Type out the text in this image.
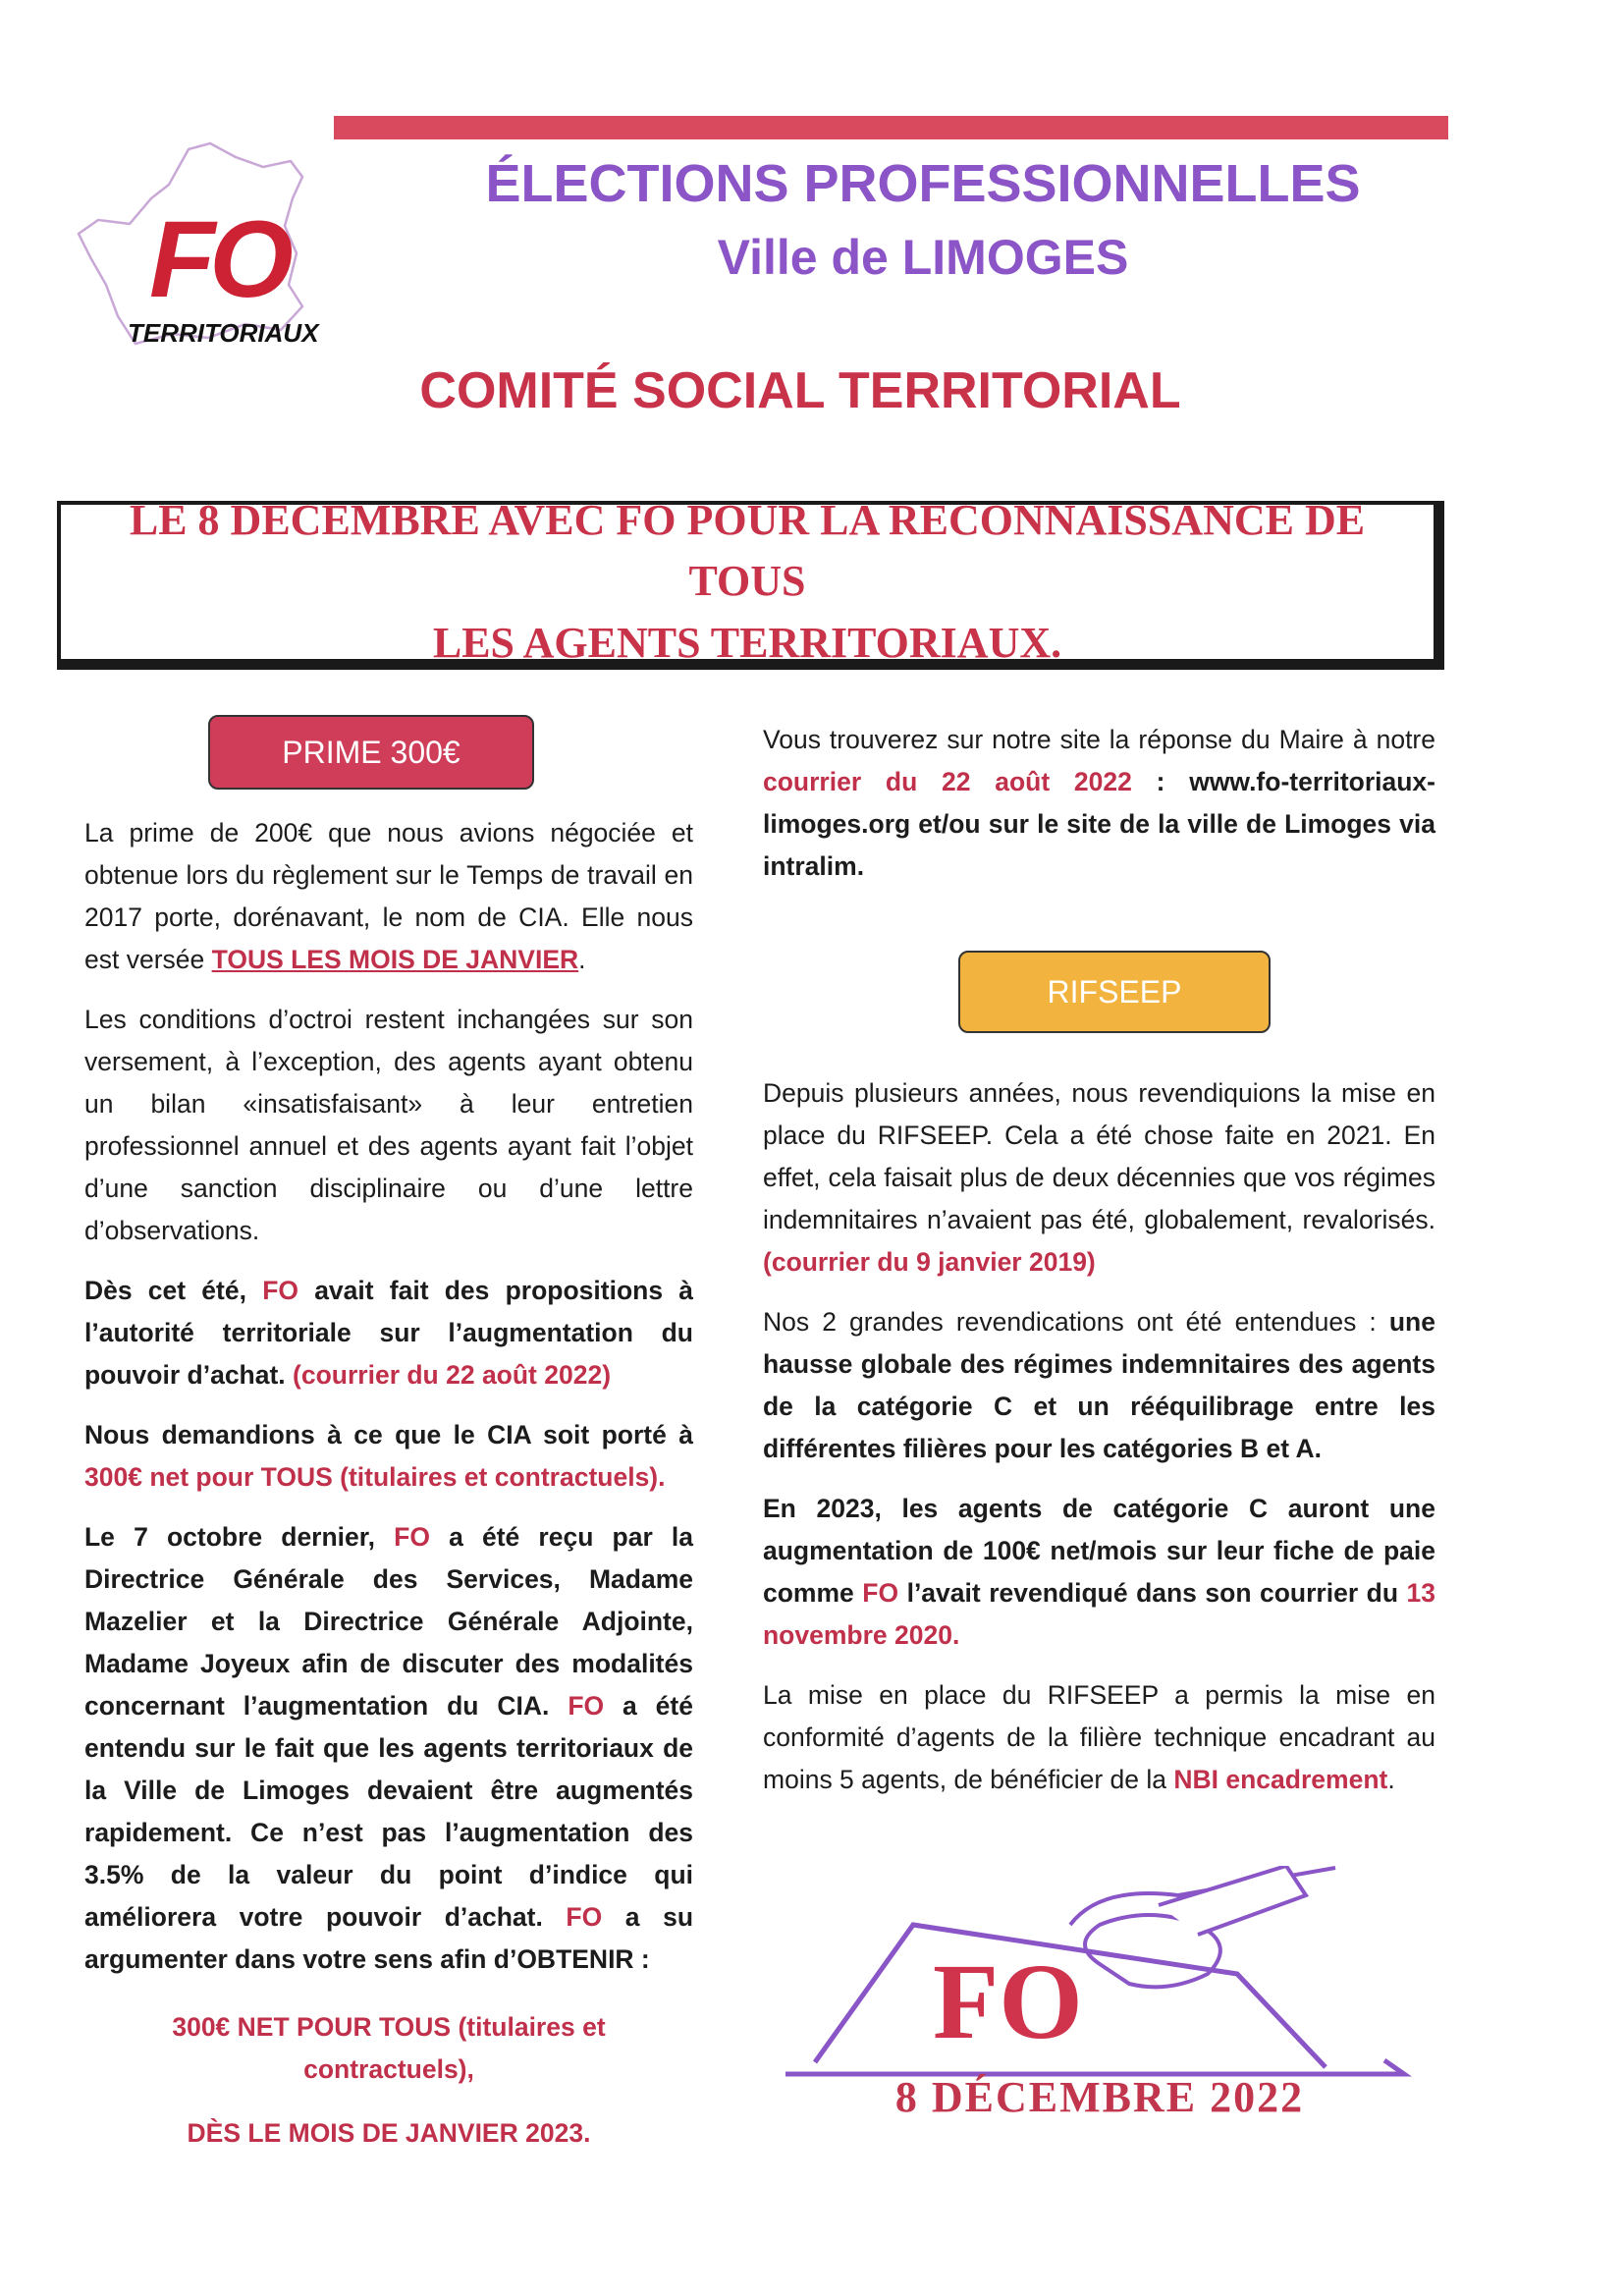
FO
TERRITORIAUX
ÉLECTIONS PROFESSIONNELLES
Ville de LIMOGES
COMITÉ SOCIAL TERRITORIAL
LE 8 DECEMBRE AVEC FO POUR LA RECONNAISSANCE DE TOUS
LES AGENTS TERRITORIAUX.
PRIME 300€

La prime de 200€ que nous avions négociée et obtenue lors du règlement sur le Temps de travail en 2017 porte, dorénavant, le nom de CIA. Elle nous est versée TOUS LES MOIS DE JANVIER.

Les conditions d’octroi restent inchangées sur son versement, à l’exception, des agents ayant obtenu un bilan «insatisfaisant» à leur entretien professionnel annuel et des agents ayant fait l’objet d’une sanction disciplinaire ou d’une lettre d’observations.

Dès cet été, FO avait fait des propositions à l’autorité territoriale sur l’augmentation du pouvoir d’achat. (courrier du 22 août 2022)

Nous demandions à ce que le CIA soit porté à 300€ net pour TOUS (titulaires et contractuels).

Le 7 octobre dernier, FO a été reçu par la Directrice Générale des Services, Madame Mazelier et la Directrice Générale Adjointe, Madame Joyeux afin de discuter des modalités concernant l’augmentation du CIA. FO a été entendu sur le fait que les agents territoriaux de la Ville de Limoges devaient être augmentés rapidement. Ce n’est pas l’augmentation des 3.5% de la valeur du point d’indice qui améliorera votre pouvoir d’achat. FO a su argumenter dans votre sens afin d’OBTENIR :

300€ NET POUR TOUS (titulaires et contractuels),

DÈS LE MOIS DE JANVIER 2023.

Vous trouverez sur notre site la réponse du Maire à notre courrier du 22 août 2022 : www.fo-territoriaux-limoges.org et/ou sur le site de la ville de Limoges via intralim.

RIFSEEP

Depuis plusieurs années, nous revendiquions la mise en place du RIFSEEP. Cela a été chose faite en 2021. En effet, cela faisait plus de deux décennies que vos régimes indemnitaires n’avaient pas été, globalement, revalorisés. (courrier du 9 janvier 2019)

Nos 2 grandes revendications ont été entendues : une hausse globale des régimes indemnitaires des agents de la catégorie C et un rééquilibrage entre les différentes filières pour les catégories B et A.

En 2023, les agents de catégorie C auront une augmentation de 100€ net/mois sur leur fiche de paie comme FO l’avait revendiqué dans son courrier du 13 novembre 2020.

La mise en place du RIFSEEP a permis la mise en conformité d’agents de la filière technique encadrant au moins 5 agents, de bénéficier de la NBI encadrement.

FO
8 DÉCEMBRE 2022
